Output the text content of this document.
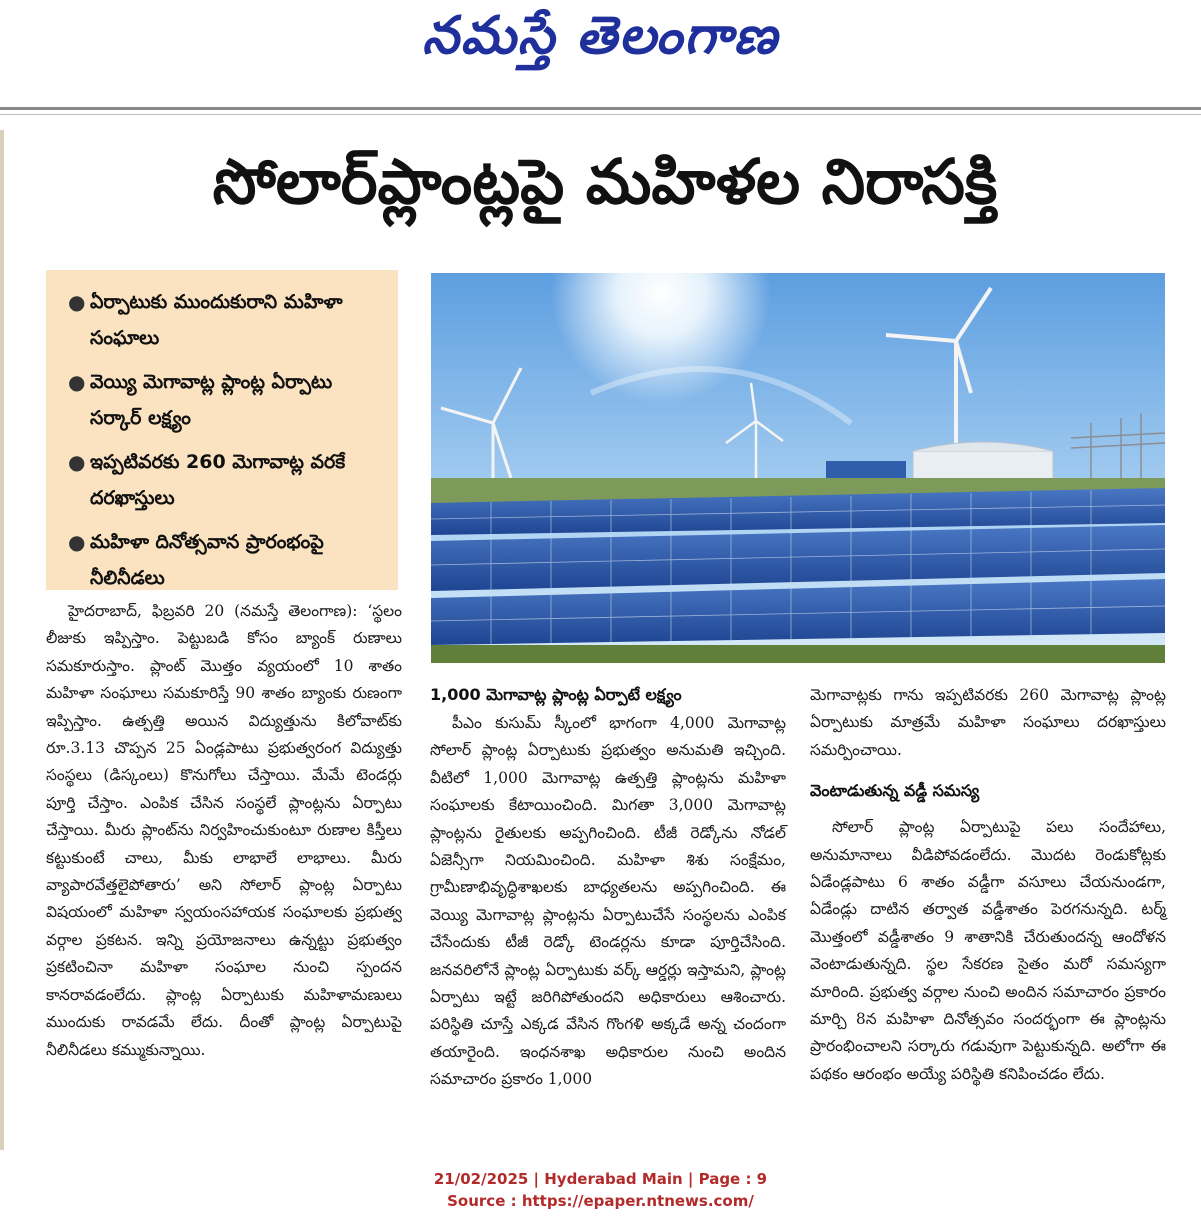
నమస్తే తెలంగాణ
సోలార్‌ప్లాంట్లపై మహిళల నిరాసక్తి
● ఏర్పాటుకు ముందుకురాని మహిళా సంఘాలు
● వెయ్యి మెగావాట్ల ప్లాంట్ల ఏర్పాటు సర్కార్‌ లక్ష్యం
● ఇప్పటివరకు 260 మెగావాట్ల వరకే దరఖాస్తులు
● మహిళా దినోత్సవాన ప్రారంభంపై నీలినీడలు

హైదరాబాద్‌, ఫిబ్రవరి 20 (నమస్తే తెలంగాణ): ‘స్థలం లీజుకు ఇప్పిస్తాం. పెట్టుబడి కోసం బ్యాంక్‌ రుణాలు సమకూరుస్తాం. ప్లాంట్‌ మొత్తం వ్యయంలో 10 శాతం మహిళా సంఘాలు సమకూరిస్తే 90 శాతం బ్యాంకు రుణంగా ఇప్పిస్తాం. ఉత్పత్తి అయిన విద్యుత్తును కిలోవాట్‌కు రూ.3.13 చొప్పన 25 ఏండ్లపాటు ప్రభుత్వరంగ విద్యుత్తు సంస్థలు (డిస్కంలు) కొనుగోలు చేస్తాయి. మేమే టెండర్లు పూర్తి చేస్తాం. ఎంపిక చేసిన సంస్థలే ప్లాంట్లను ఏర్పాటు చేస్తాయి. మీరు ప్లాంట్‌ను నిర్వహించుకుంటూ రుణాల కిస్తీలు కట్టుకుంటే చాలు, మీకు లాభాలే లాభాలు. మీరు వ్యాపారవేత్తలైపోతారు’ అని సోలార్‌ ప్లాంట్ల ఏర్పాటు విషయంలో మహిళా స్వయంసహాయక సంఘాలకు ప్రభుత్వ వర్గాల ప్రకటన. ఇన్ని ప్రయోజనాలు ఉన్నట్టు ప్రభుత్వం ప్రకటించినా మహిళా సంఘాల నుంచి స్పందన కానరావడంలేదు. ప్లాంట్ల ఏర్పాటుకు మహిళామణులు ముందుకు రావడమే లేదు. దీంతో ప్లాంట్ల ఏర్పాటుపై నీలినీడలు కమ్ముకున్నాయి.

1,000 మెగావాట్ల ప్లాంట్ల ఏర్పాటే లక్ష్యం

పీఎం కుసుమ్‌ స్కీంలో భాగంగా 4,000 మెగావాట్ల సోలార్‌ ప్లాంట్ల ఏర్పాటుకు ప్రభుత్వం అనుమతి ఇచ్చింది. వీటిలో 1,000 మెగావాట్ల ఉత్పత్తి ప్లాంట్లను మహిళా సంఘాలకు కేటాయించింది. మిగతా 3,000 మెగావాట్ల ప్లాంట్లను రైతులకు అప్పగించింది. టీజీ రెడ్కోను నోడల్‌ ఏజెన్సీగా నియమించింది. మహిళా శిశు సంక్షేమం, గ్రామీణాభివృద్ధిశాఖలకు బాధ్యతలను అప్పగించింది. ఈ వెయ్యి మెగావాట్ల ప్లాంట్లను ఏర్పాటుచేసే సంస్థలను ఎంపిక చేసేందుకు టీజీ రెడ్కో టెండర్లను కూడా పూర్తిచేసింది. జనవరిలోనే ప్లాంట్ల ఏర్పాటుకు వర్క్‌ ఆర్డర్లు ఇస్తామని, ప్లాంట్ల ఏర్పాటు ఇట్టే జరిగిపోతుందని అధికారులు ఆశించారు. పరిస్థితి చూస్తే ఎక్కడ వేసిన గొంగళి అక్కడే అన్న చందంగా తయారైంది. ఇంధనశాఖ అధికారుల నుంచి అందిన సమాచారం ప్రకారం 1,000

మెగావాట్లకు గాను ఇప్పటివరకు 260 మెగావాట్ల ప్లాంట్ల ఏర్పాటుకు మాత్రమే మహిళా సంఘాలు దరఖాస్తులు సమర్పించాయి.

వెంటాడుతున్న వడ్డీ సమస్య

సోలార్‌ ప్లాంట్ల ఏర్పాటుపై పలు సందేహాలు, అనుమానాలు వీడిపోవడంలేదు. మొదట రెండుకోట్లకు ఏడేండ్లపాటు 6 శాతం వడ్డీగా వసూలు చేయనుండగా, ఏడేండ్లు దాటిన తర్వాత వడ్డీశాతం పెరగనున్నది. టర్మ్‌ మొత్తంలో వడ్డీశాతం 9 శాతానికి చేరుతుందన్న ఆందోళన వెంటాడుతున్నది. స్థల సేకరణ సైతం మరో సమస్యగా మారింది. ప్రభుత్వ వర్గాల నుంచి అందిన సమాచారం ప్రకారం మార్చి 8న మహిళా దినోత్సవం సందర్భంగా ఈ ప్లాంట్లను ప్రారంభించాలని సర్కారు గడువుగా పెట్టుకున్నది. అలోగా ఈ పథకం ఆరంభం అయ్యే పరిస్థితి కనిపించడం లేదు.

21/02/2025 | Hyderabad Main | Page : 9
Source : https://epaper.ntnews.com/
